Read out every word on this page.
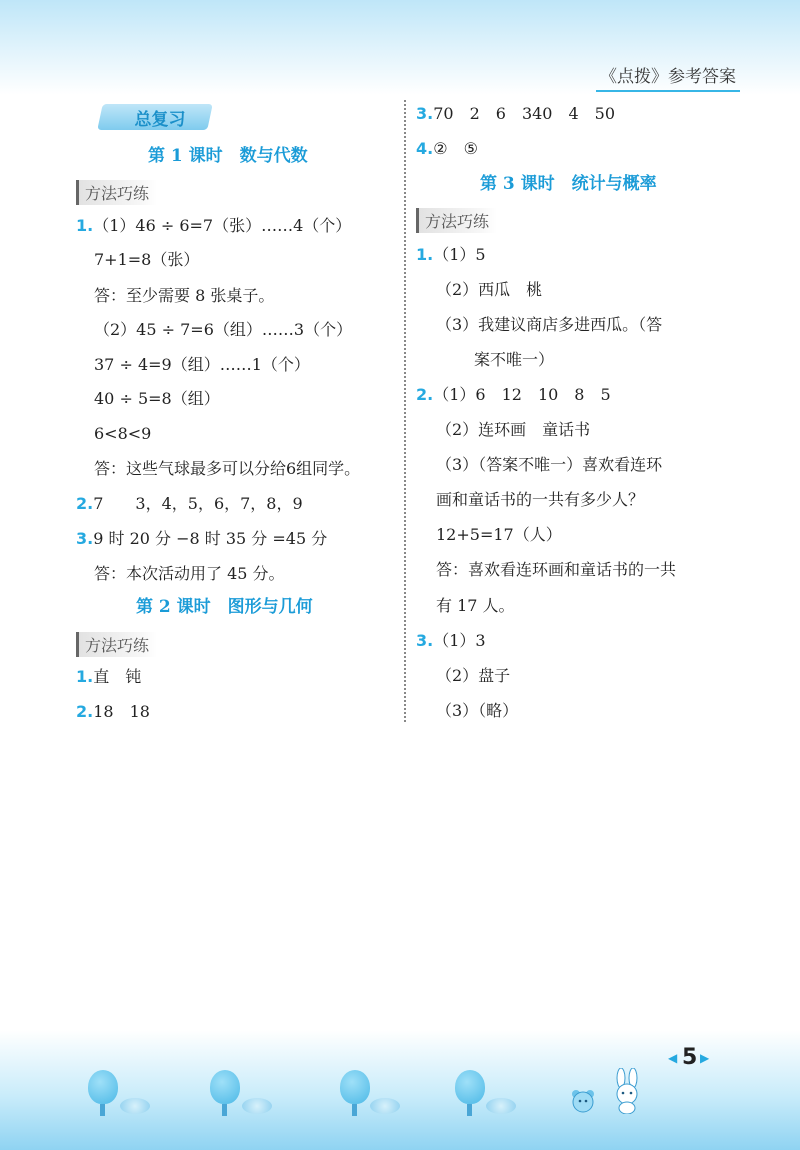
《点拨》参考答案
总复习
第 1 课时　数与代数
方法巧练
1.（1）46 ÷ 6=7（张）……4（个）
7+1=8（张）
答：至少需要 8 张桌子。
（2）45 ÷ 7=6（组）……3（个）
37 ÷ 4=9（组）……1（个）
40 ÷ 5=8（组）
6<8<9
答：这些气球最多可以分给6组同学。
2.7　　3，4，5，6，7，8，9
3.9 时 20 分 −8 时 35 分 =45 分
答：本次活动用了 45 分。
第 2 课时　图形与几何
方法巧练
1.直　钝
2.18　18
3.70　2　6　340　4　50
4.②　⑤
第 3 课时　统计与概率
方法巧练
1.（1）5
（2）西瓜　桃
（3）我建议商店多进西瓜。（答
案不唯一）
2.（1）6　12　10　8　5
（2）连环画　童话书
（3）（答案不唯一）喜欢看连环
画和童话书的一共有多少人？
12+5=17（人）
答：喜欢看连环画和童话书的一共
有 17 人。
3.（1）3
（2）盘子
（3）（略）
◀ 5 ▶
